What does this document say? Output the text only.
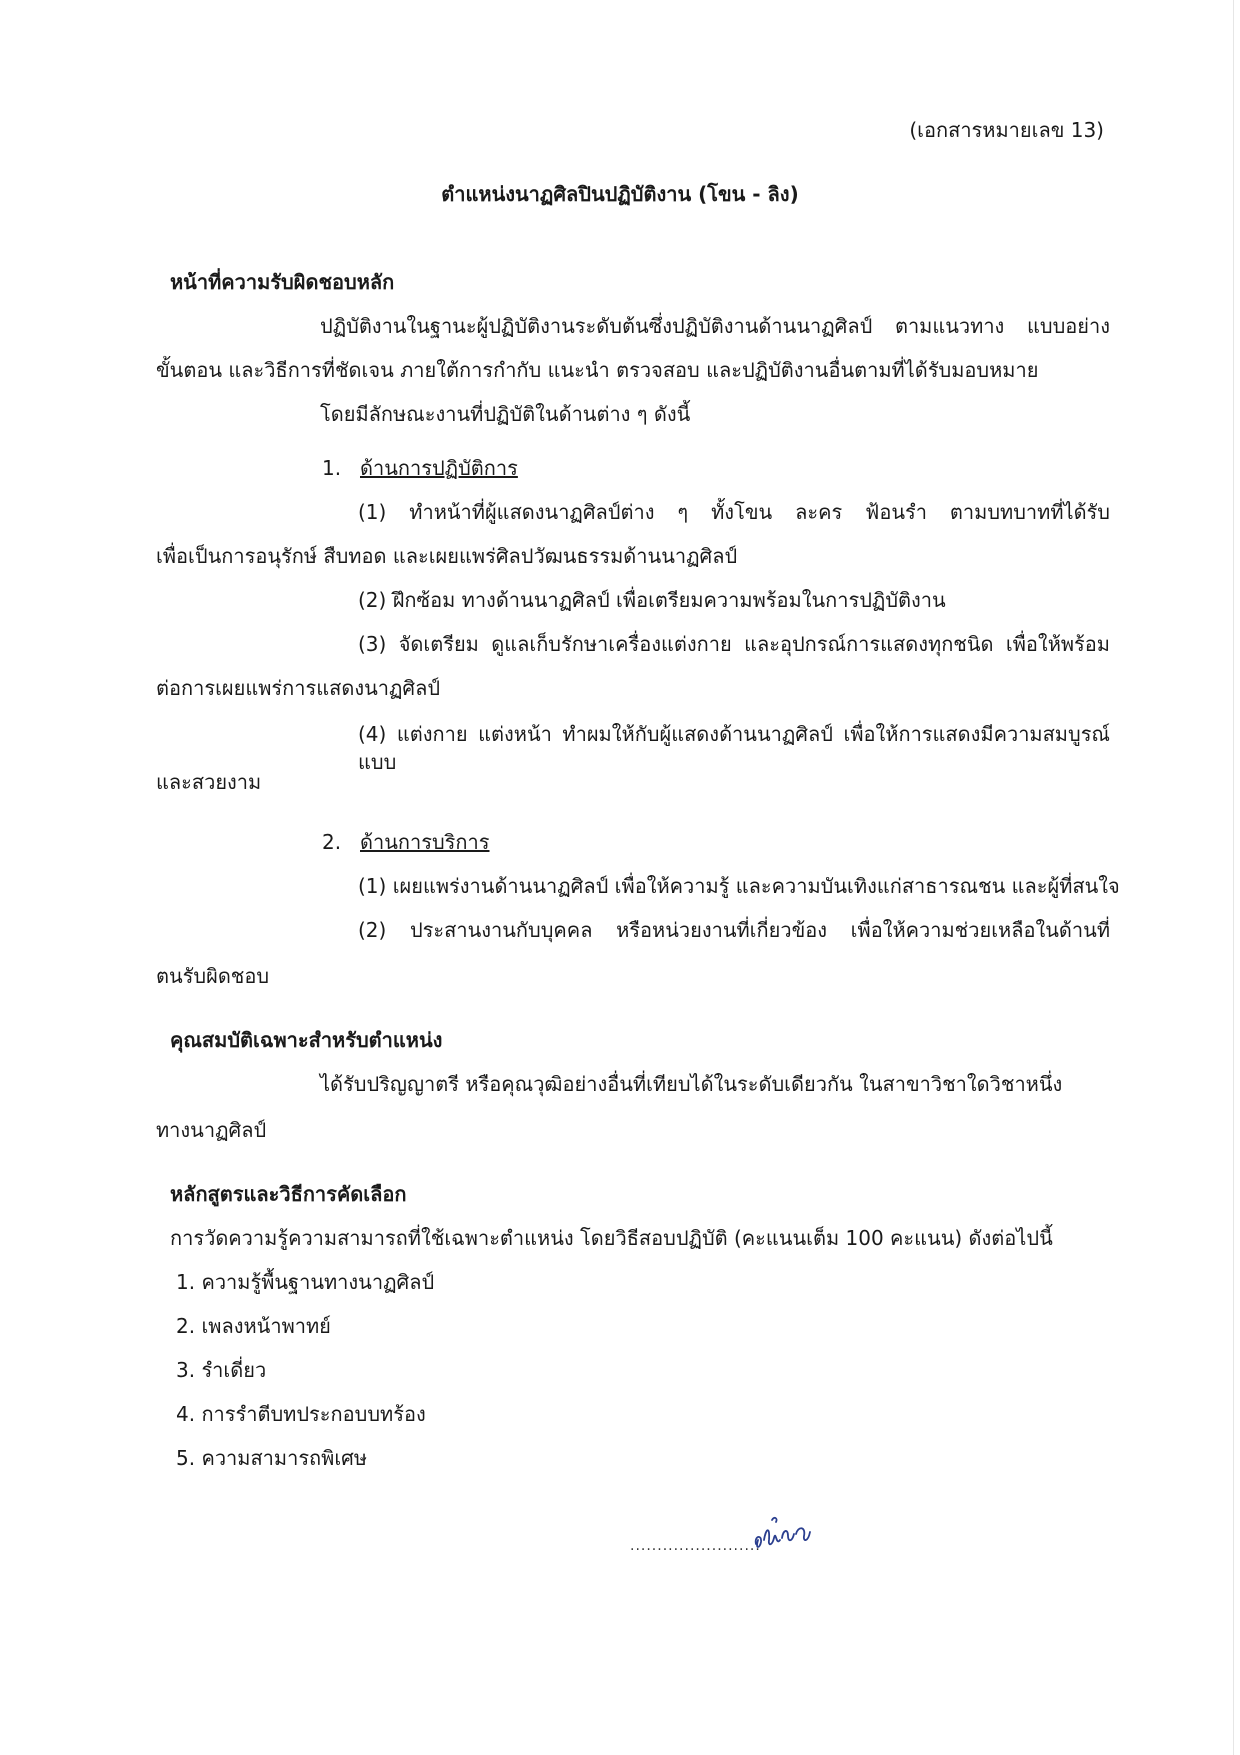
(เอกสารหมายเลข 13)
ตำแหน่งนาฏศิลปินปฏิบัติงาน (โขน - ลิง)
หน้าที่ความรับผิดชอบหลัก
ปฏิบัติงานในฐานะผู้ปฏิบัติงานระดับต้นซึ่งปฏิบัติงานด้านนาฏศิลป์ ตามแนวทาง แบบอย่าง
ขั้นตอน และวิธีการที่ชัดเจน ภายใต้การกำกับ แนะนำ ตรวจสอบ และปฏิบัติงานอื่นตามที่ได้รับมอบหมาย
โดยมีลักษณะงานที่ปฏิบัติในด้านต่าง ๆ ดังนี้
1. ด้านการปฏิบัติการ
(1) ทำหน้าที่ผู้แสดงนาฏศิลป์ต่าง ๆ ทั้งโขน ละคร ฟ้อนรำ ตามบทบาทที่ได้รับ
เพื่อเป็นการอนุรักษ์ สืบทอด และเผยแพร่ศิลปวัฒนธรรมด้านนาฏศิลป์
(2) ฝึกซ้อม ทางด้านนาฏศิลป์ เพื่อเตรียมความพร้อมในการปฏิบัติงาน
(3) จัดเตรียม ดูแลเก็บรักษาเครื่องแต่งกาย และอุปกรณ์การแสดงทุกชนิด เพื่อให้พร้อม
ต่อการเผยแพร่การแสดงนาฏศิลป์
(4) แต่งกาย แต่งหน้า ทำผมให้กับผู้แสดงด้านนาฏศิลป์ เพื่อให้การแสดงมีความสมบูรณ์แบบ
และสวยงาม
2. ด้านการบริการ
(1) เผยแพร่งานด้านนาฏศิลป์ เพื่อให้ความรู้ และความบันเทิงแก่สาธารณชน และผู้ที่สนใจ
(2) ประสานงานกับบุคคล หรือหน่วยงานที่เกี่ยวข้อง เพื่อให้ความช่วยเหลือในด้านที่
ตนรับผิดชอบ
คุณสมบัติเฉพาะสำหรับตำแหน่ง
ได้รับปริญญาตรี หรือคุณวุฒิอย่างอื่นที่เทียบได้ในระดับเดียวกัน ในสาขาวิชาใดวิชาหนึ่ง
ทางนาฏศิลป์
หลักสูตรและวิธีการคัดเลือก
การวัดความรู้ความสามารถที่ใช้เฉพาะตำแหน่ง โดยวิธีสอบปฏิบัติ (คะแนนเต็ม 100 คะแนน) ดังต่อไปนี้
1. ความรู้พื้นฐานทางนาฏศิลป์
2. เพลงหน้าพาทย์
3. รำเดี่ยว
4. การรำตีบทประกอบบทร้อง
5. ความสามารถพิเศษ
........................
